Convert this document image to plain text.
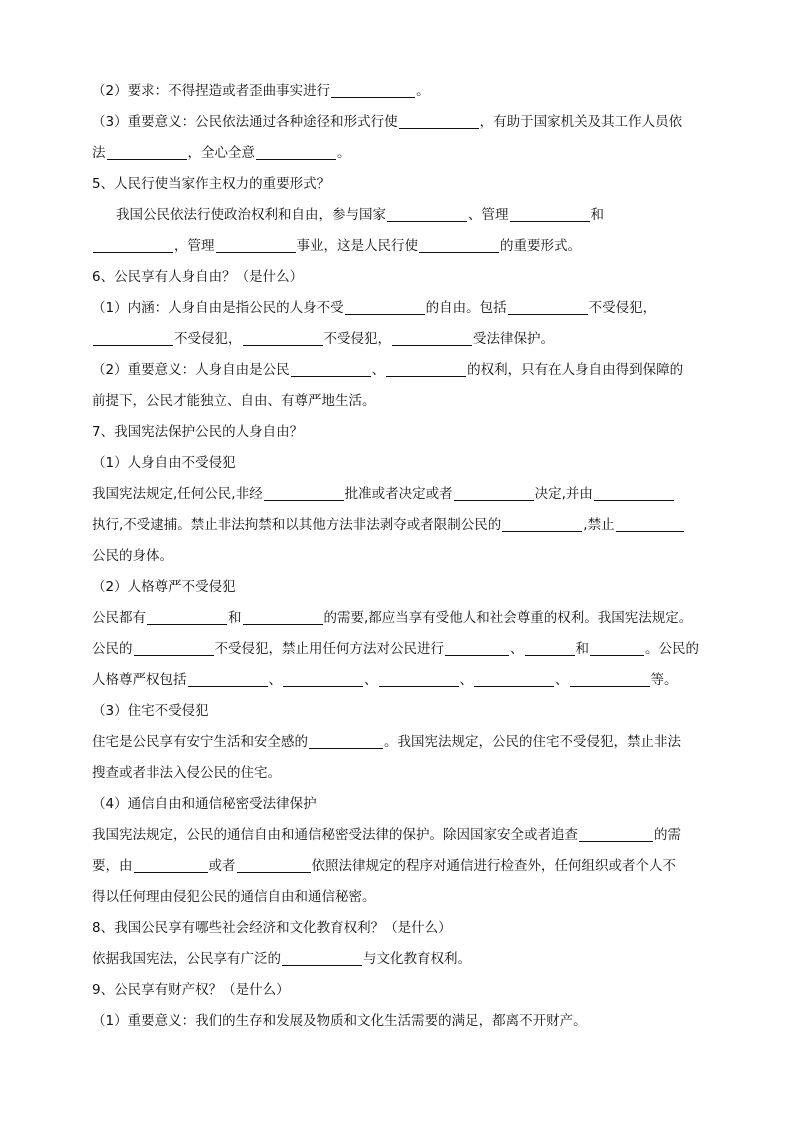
（2）要求：不得捏造或者歪曲事实进行	。
（3）重要意义：公民依法通过各种途径和形式行使	，有助于国家机关及其工作人员依
法	，全心全意	。
5、人民行使当家作主权力的重要形式？
我国公民依法行使政治权利和自由，参与国家	、管理	和
，管理	事业，这是人民行使	的重要形式。
6、公民享有人身自由？（是什么）
（1）内涵：人身自由是指公民的人身不受	的自由。包括	不受侵犯，
不受侵犯，	不受侵犯，	受法律保护。
（2）重要意义：人身自由是公民	、	的权利，只有在人身自由得到保障的
前提下，公民才能独立、自由、有尊严地生活。
7、我国宪法保护公民的人身自由？
（1）人身自由不受侵犯
我国宪法规定,任何公民,非经	批准或者决定或者	决定,并由
执行,不受逮捕。禁止非法拘禁和以其他方法非法剥夺或者限制公民的	,禁止
公民的身体。
（2）人格尊严不受侵犯
公民都有	和	的需要,都应当享有受他人和社会尊重的权利。我国宪法规定。
公民的	不受侵犯，禁止用任何方法对公民进行	、	和	。公民的
人格尊严权包括	、	、	、	、	等。
（3）住宅不受侵犯
住宅是公民享有安宁生活和安全感的	。我国宪法规定，公民的住宅不受侵犯，禁止非法
搜查或者非法入侵公民的住宅。
（4）通信自由和通信秘密受法律保护
我国宪法规定，公民的通信自由和通信秘密受法律的保护。除因国家安全或者追查	的需
要，由	或者	依照法律规定的程序对通信进行检查外，任何组织或者个人不
得以任何理由侵犯公民的通信自由和通信秘密。
8、我国公民享有哪些社会经济和文化教育权利？（是什么）
依据我国宪法，公民享有广泛的	与文化教育权利。
9、公民享有财产权？（是什么）
（1）重要意义：我们的生存和发展及物质和文化生活需要的满足，都离不开财产。
